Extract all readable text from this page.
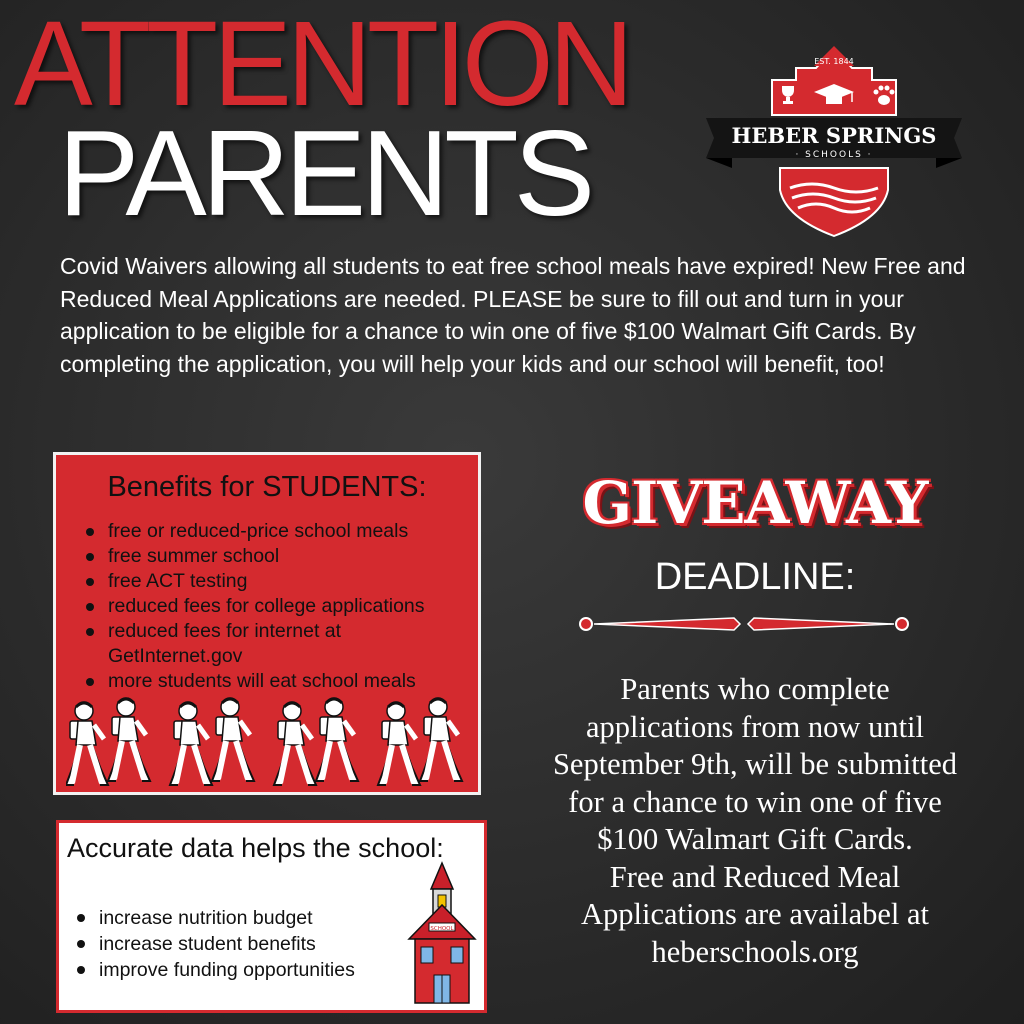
ATTENTION
PARENTS
EST. 1844
HEBER SPRINGS
· SCHOOLS ·

Covid Waivers allowing all students to eat free school meals have expired! New Free and Reduced Meal Applications are needed. PLEASE be sure to fill out and turn in your application to be eligible for a chance to win one of five $100 Walmart Gift Cards. By completing the application, you will help your kids and our school will benefit, too!

Benefits for STUDENTS:
free or reduced-price school meals
free summer school
free ACT testing
reduced fees for college applications
reduced fees for internet at GetInternet.gov
more students will eat school meals
Accurate data helps the school:
increase nutrition budget
increase student benefits
improve funding opportunities
SCHOOL
GIVEAWAY
DEADLINE:

Parents who complete
applications from now until
September 9th, will be submitted
for a chance to win one of five
$100 Walmart Gift Cards.
Free and Reduced Meal
Applications are availabel at
heberschools.org
